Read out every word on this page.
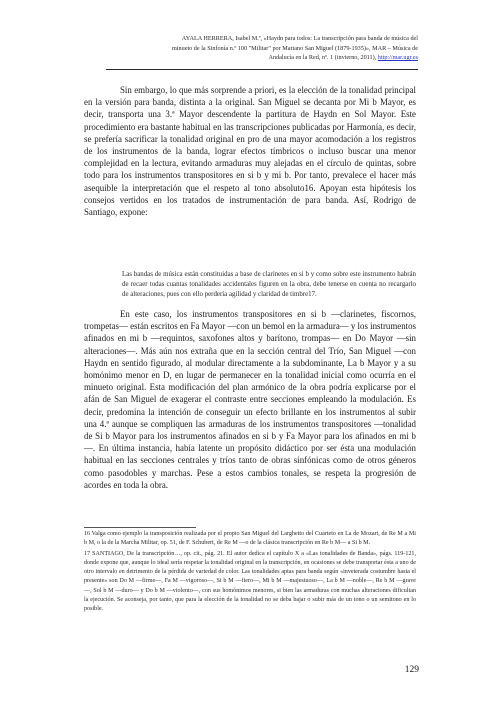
AYALA HERRERA, Isabel M.ª, «Haydn para todos: La transcripción para banda de música del
minueto de la Sinfonía n.º 100 "Militar" por Mariano San Miguel (1879-1935)», MAR – Música de
Andalucía en la Red, nº. 1 (invierno, 2011), http://mar.ugr.es

Sin embargo, lo que más sorprende a priori, es la elección de la tonalidad principal en la versión para banda, distinta a la original. San Miguel se decanta por Mi b Mayor, es decir, transporta una 3.ª Mayor descendente la partitura de Haydn en Sol Mayor. Este procedimiento era bastante habitual en las transcripciones publicadas por Harmonía, es decir, se prefería sacrificar la tonalidad original en pro de una mayor acomodación a los registros de los instrumentos de la banda, lograr efectos tímbricos o incluso buscar una menor complejidad en la lectura, evitando armaduras muy alejadas en el círculo de quintas, sobre todo para los instrumentos transpositores en si b y mi b. Por tanto, prevalece el hacer más asequible la interpretación que el respeto al tono absoluto16. Apoyan esta hipótesis los consejos vertidos en los tratados de instrumentación de para banda. Así, Rodrigo de Santiago, expone:

Las bandas de música están constituidas a base de clarinetes en si b y como sobre este instrumento habrán de recaer todas cuantas tonalidades accidentales figuren en la obra, debe tenerse en cuenta no recargarlo de alteraciones, pues con ello perdería agilidad y claridad de timbre17.

En este caso, los instrumentos transpositores en si b —clarinetes, fiscornos, trompetas— están escritos en Fa Mayor —con un bemol en la armadura— y los instrumentos afinados en mi b —requintos, saxofones altos y barítono, trompas— en Do Mayor —sin alteraciones—. Más aún nos extraña que en la sección central del Trío, San Miguel —con Haydn en sentido figurado, al modular directamente a la subdominante, La b Mayor y a su homónimo menor en D, en lugar de permanecer en la tonalidad inicial como ocurría en el minueto original. Esta modificación del plan armónico de la obra podría explicarse por el afán de San Miguel de exagerar el contraste entre secciones empleando la modulación. Es decir, predomina la intención de conseguir un efecto brillante en los instrumentos al subir una 4.ª aunque se compliquen las armaduras de los instrumentos transpositores —tonalidad de Si b Mayor para los instrumentos afinados en si b y Fa Mayor para los afinados en mi b—. En última instancia, había latente un propósito didáctico por ser ésta una modulación habitual en las secciones centrales y tríos tanto de obras sinfónicas como de otros géneros como pasodobles y marchas. Pese a estos cambios tonales, se respeta la progresión de acordes en toda la obra.

16 Valga como ejemplo la transposición realizada por el propio San Miguel del Larghetto del Cuarteto en La de Mozart, de Re M a Mi b M, o la de la Marcha Militar, op. 51, de F. Schubert, de Re M —o de la clásica transcripción en Re b M— a Si b M.

17 SANTIAGO, De la transcripción…, op. cit., pág. 21. El autor dedica el capítulo X a «Las tonalidades de Banda», págs. 119-121, donde expone que, aunque lo ideal sería respetar la tonalidad original en la transcripción, en ocasiones se debe transportar ésta a uno de otro intervalo en detrimento de la pérdida de variedad de color. Las tonalidades aptas para banda según «inveterada costumbre hasta el presente» son Do M —firme—, Fa M —vigoroso—, Si b M —fiero—, Mi b M —majestuoso—, La b M —noble—, Re b M —grave—, Sol b M —duro— y Do b M —violento—, con sus homónimos menores, si bien las armaduras con muchas alteraciones dificultan la ejecución. Se aconseja, por tanto, que para la elección de la tonalidad no se deba bajar o subir más de un tono o un semitono en lo posible.

129
